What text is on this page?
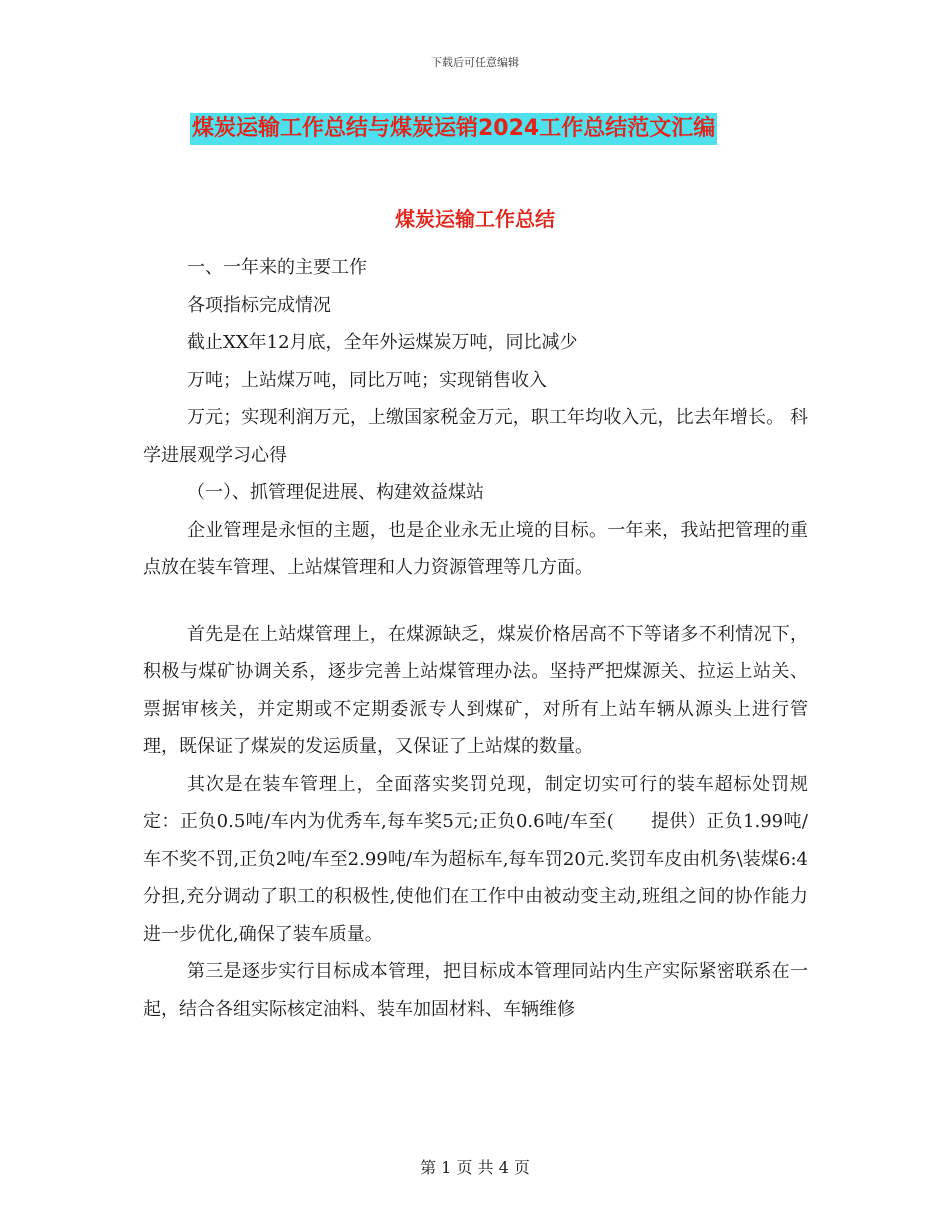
下载后可任意编辑
煤炭运输工作总结与煤炭运销2024工作总结范文汇编
煤炭运输工作总结

一、一年来的主要工作

各项指标完成情况

截止XX年12月底，全年外运煤炭万吨，同比减少

万吨；上站煤万吨，同比万吨；实现销售收入

万元；实现利润万元，上缴国家税金万元，职工年均收入元，比去年增长。 科学进展观学习心得

（一）、抓管理促进展、构建效益煤站

企业管理是永恒的主题，也是企业永无止境的目标。一年来，我站把管理的重点放在装车管理、上站煤管理和人力资源管理等几方面。

首先是在上站煤管理上，在煤源缺乏，煤炭价格居高不下等诸多不利情况下，积极与煤矿协调关系，逐步完善上站煤管理办法。坚持严把煤源关、拉运上站关、票据审核关，并定期或不定期委派专人到煤矿，对所有上站车辆从源头上进行管理，既保证了煤炭的发运质量，又保证了上站煤的数量。

其次是在装车管理上，全面落实奖罚兑现，制定切实可行的装车超标处罚规定：正负0.5吨/车内为优秀车,每车奖5元;正负0.6吨/车至(　　提供）正负1.99吨/车不奖不罚,正负2吨/车至2.99吨/车为超标车,每车罚20元.奖罚车皮由机务\装煤6:4分担,充分调动了职工的积极性,使他们在工作中由被动变主动,班组之间的协作能力进一步优化,确保了装车质量。

第三是逐步实行目标成本管理，把目标成本管理同站内生产实际紧密联系在一起，结合各组实际核定油料、装车加固材料、车辆维修

第 1 页 共 4 页
